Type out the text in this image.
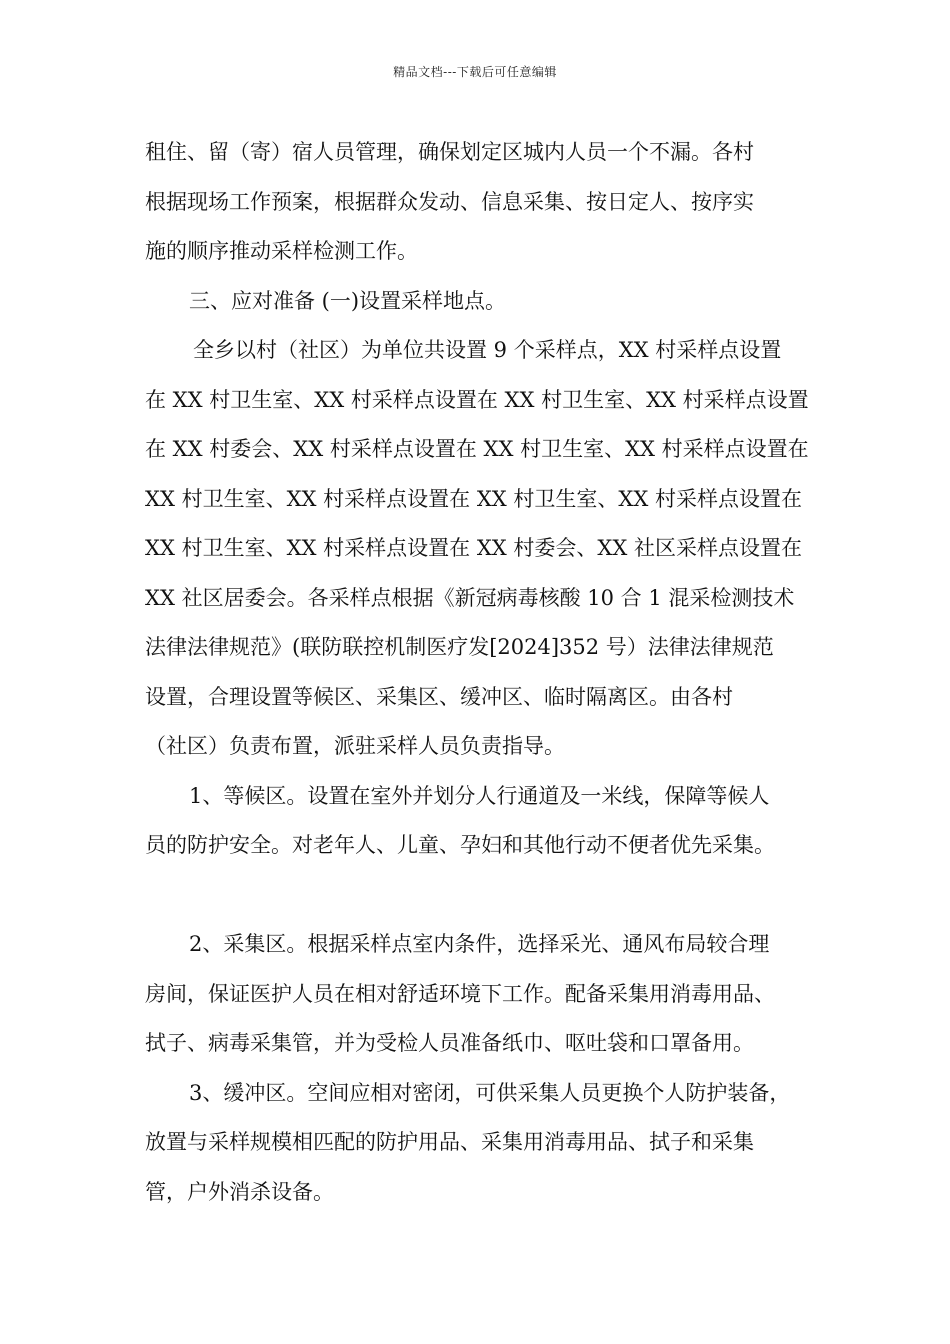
精品文档---下载后可任意编辑
租住、留（寄）宿人员管理，确保划定区城内人员一个不漏。各村
根据现场工作预案，根据群众发动、信息采集、按日定人、按序实
施的顺序推动采样检测工作。
三、应对准备 (一)设置采样地点。
全乡以村（社区）为单位共设置 9 个采样点，XX 村采样点设置
在 XX 村卫生室、XX 村采样点设置在 XX 村卫生室、XX 村采样点设置
在 XX 村委会、XX 村采样点设置在 XX 村卫生室、XX 村采样点设置在
XX 村卫生室、XX 村采样点设置在 XX 村卫生室、XX 村采样点设置在
XX 村卫生室、XX 村采样点设置在 XX 村委会、XX 社区采样点设置在
XX 社区居委会。各采样点根据《新冠病毒核酸 10 合 1 混采检测技术
法律法律规范》(联防联控机制医疗发[2024]352 号）法律法律规范
设置，合理设置等候区、采集区、缓冲区、临时隔离区。由各村
（社区）负责布置，派驻采样人员负责指导。
1、等候区。设置在室外并划分人行通道及一米线，保障等候人
员的防护安全。对老年人、儿童、孕妇和其他行动不便者优先采集。
2、采集区。根据采样点室内条件，选择采光、通风布局较合理
房间，保证医护人员在相对舒适环境下工作。配备采集用消毒用品、
拭子、病毒采集管，并为受检人员准备纸巾、呕吐袋和口罩备用。
3、缓冲区。空间应相对密闭，可供采集人员更换个人防护装备，
放置与采样规模相匹配的防护用品、采集用消毒用品、拭子和采集
管，户外消杀设备。
